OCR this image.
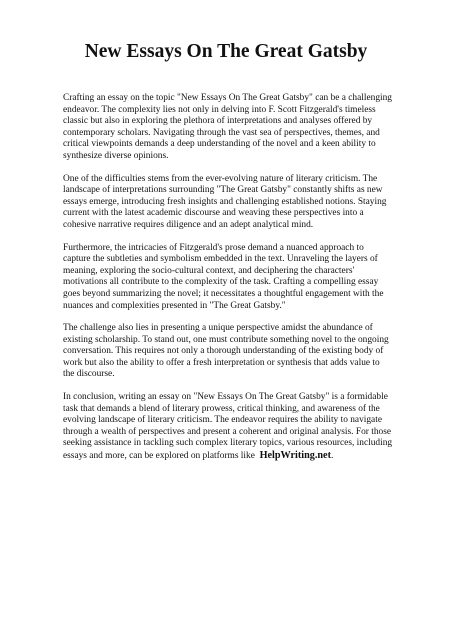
New Essays On The Great Gatsby

Crafting an essay on the topic "New Essays On The Great Gatsby" can be a challenging endeavor. The complexity lies not only in delving into F. Scott Fitzgerald's timeless classic but also in exploring the plethora of interpretations and analyses offered by contemporary scholars. Navigating through the vast sea of perspectives, themes, and critical viewpoints demands a deep understanding of the novel and a keen ability to synthesize diverse opinions.

One of the difficulties stems from the ever-evolving nature of literary criticism. The landscape of interpretations surrounding "The Great Gatsby" constantly shifts as new essays emerge, introducing fresh insights and challenging established notions. Staying current with the latest academic discourse and weaving these perspectives into a cohesive narrative requires diligence and an adept analytical mind.

Furthermore, the intricacies of Fitzgerald's prose demand a nuanced approach to capture the subtleties and symbolism embedded in the text. Unraveling the layers of meaning, exploring the socio-cultural context, and deciphering the characters' motivations all contribute to the complexity of the task. Crafting a compelling essay goes beyond summarizing the novel; it necessitates a thoughtful engagement with the nuances and complexities presented in "The Great Gatsby."

The challenge also lies in presenting a unique perspective amidst the abundance of existing scholarship. To stand out, one must contribute something novel to the ongoing conversation. This requires not only a thorough understanding of the existing body of work but also the ability to offer a fresh interpretation or synthesis that adds value to the discourse.

In conclusion, writing an essay on "New Essays On The Great Gatsby" is a formidable task that demands a blend of literary prowess, critical thinking, and awareness of the evolving landscape of literary criticism. The endeavor requires the ability to navigate through a wealth of perspectives and present a coherent and original analysis. For those seeking assistance in tackling such complex literary topics, various resources, including essays and more, can be explored on platforms like HelpWriting.net.
